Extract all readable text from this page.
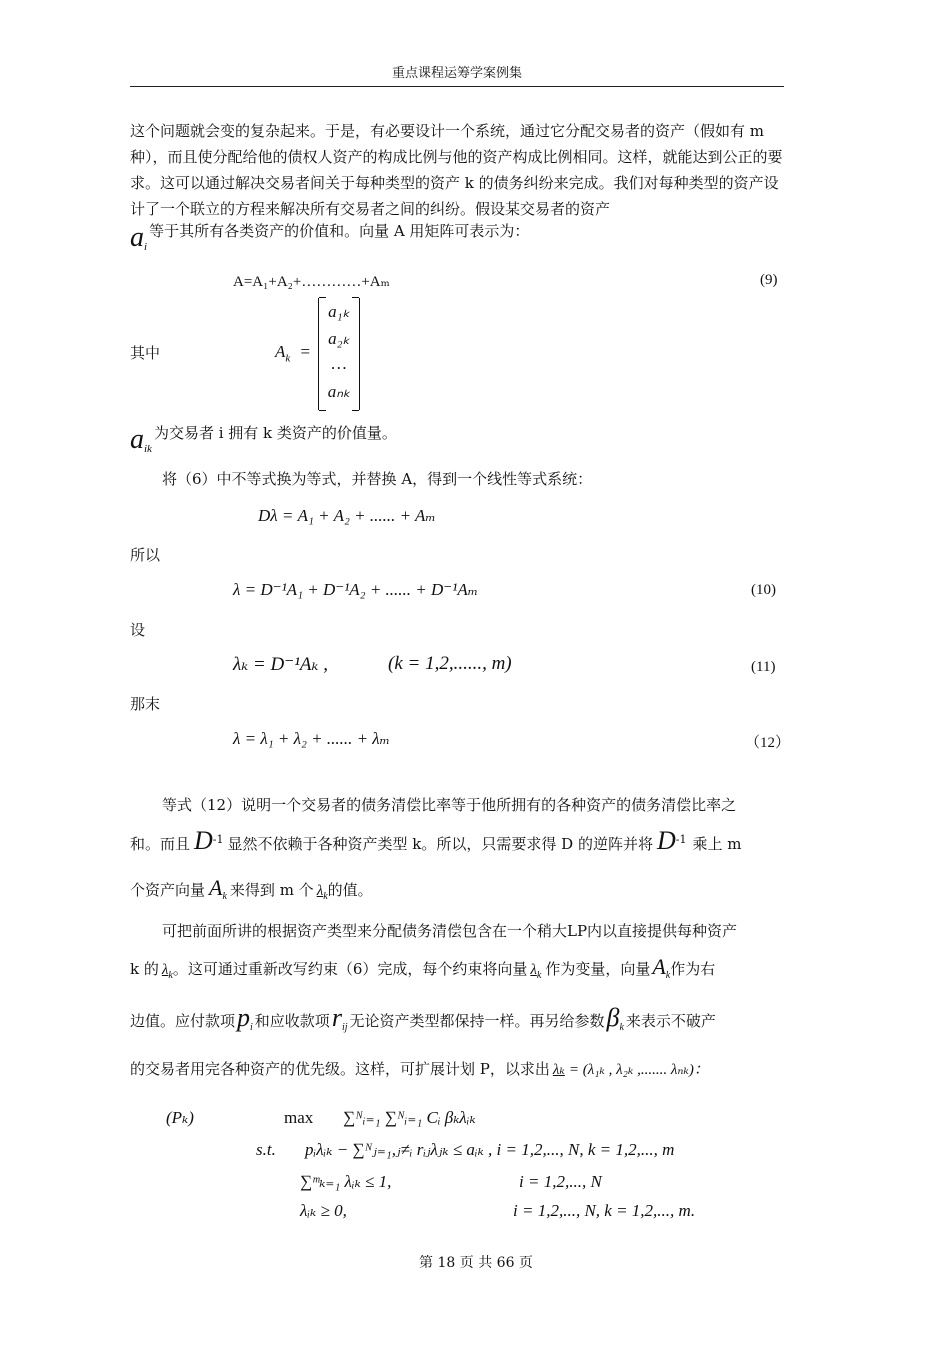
重点课程运筹学案例集
这个问题就会变的复杂起来。于是，有必要设计一个系统，通过它分配交易者的资产（假如有 m 种），而且使分配给他的债权人资产的构成比例与他的资产构成比例相同。这样，就能达到公正的要求。这可以通过解决交易者间关于每种类型的资产 k 的债务纠纷来完成。我们对每种类型的资产设计了一个联立的方程来解决所有交易者之间的纠纷。假设某交易者的资产
$a_i$等于其所有各类资产的价值和。向量 A 用矩阵可表示为：
A=A₁+A₂+…………+Aₘ	(9)
其中	$A_k$ =
a₁ₖ
a₂ₖ
…
aₙₖ
$a_{ik}$为交易者 i 拥有 k 类资产的价值量。
将（6）中不等式换为等式，并替换 A，得到一个线性等式系统：
Dλ = A₁ + A₂ + ...... + Aₘ
所以
λ = D⁻¹A₁ + D⁻¹A₂ + ...... + D⁻¹Aₘ	(10)
设
λₖ = D⁻¹Aₖ ,	(k = 1,2,......, m)	(11)
那末
λ = λ₁ + λ₂ + ...... + λₘ	（12）
等式（12）说明一个交易者的债务清偿比率等于他所拥有的各种资产的债务清偿比率之
和。而且 $D^{-1}$ 显然不依赖于各种资产类型 k。所以，只需要求得 D 的逆阵并将 $D^{-1}$ 乘上 m
个资产向量 $A_k$ 来得到 m 个 $\lambda_k$的值。
可把前面所讲的根据资产类型来分配债务清偿包含在一个稍大LP内以直接提供每种资产
k 的 $\lambda_k$。这可通过重新改写约束（6）完成，每个约束将向量 $\lambda_k$ 作为变量，向量$A_k$作为右
边值。应付款项$p_i$ 和应收款项$r_{ij}$ 无论资产类型都保持一样。再另给参数$\beta_k$ 来表示不破产
的交易者用完各种资产的优先级。这样，可扩展计划 P，以求出 λₖ = (λ₁ₖ , λ₂ₖ ,....... λₙₖ)：
(Pₖ)	max ∑ᴺᵢ₌₁ ∑ᴺᵢ₌₁ Cᵢ βₖλᵢₖ
s.t. pᵢλᵢₖ − ∑ᴺⱼ₌₁,ⱼ≠ᵢ rᵢⱼλⱼₖ ≤ aᵢₖ , i = 1,2,..., N, k = 1,2,..., m
∑ᵐₖ₌₁ λᵢₖ ≤ 1,	i = 1,2,..., N
λᵢₖ ≥ 0,	i = 1,2,..., N, k = 1,2,..., m.
第 18 页 共 66 页
